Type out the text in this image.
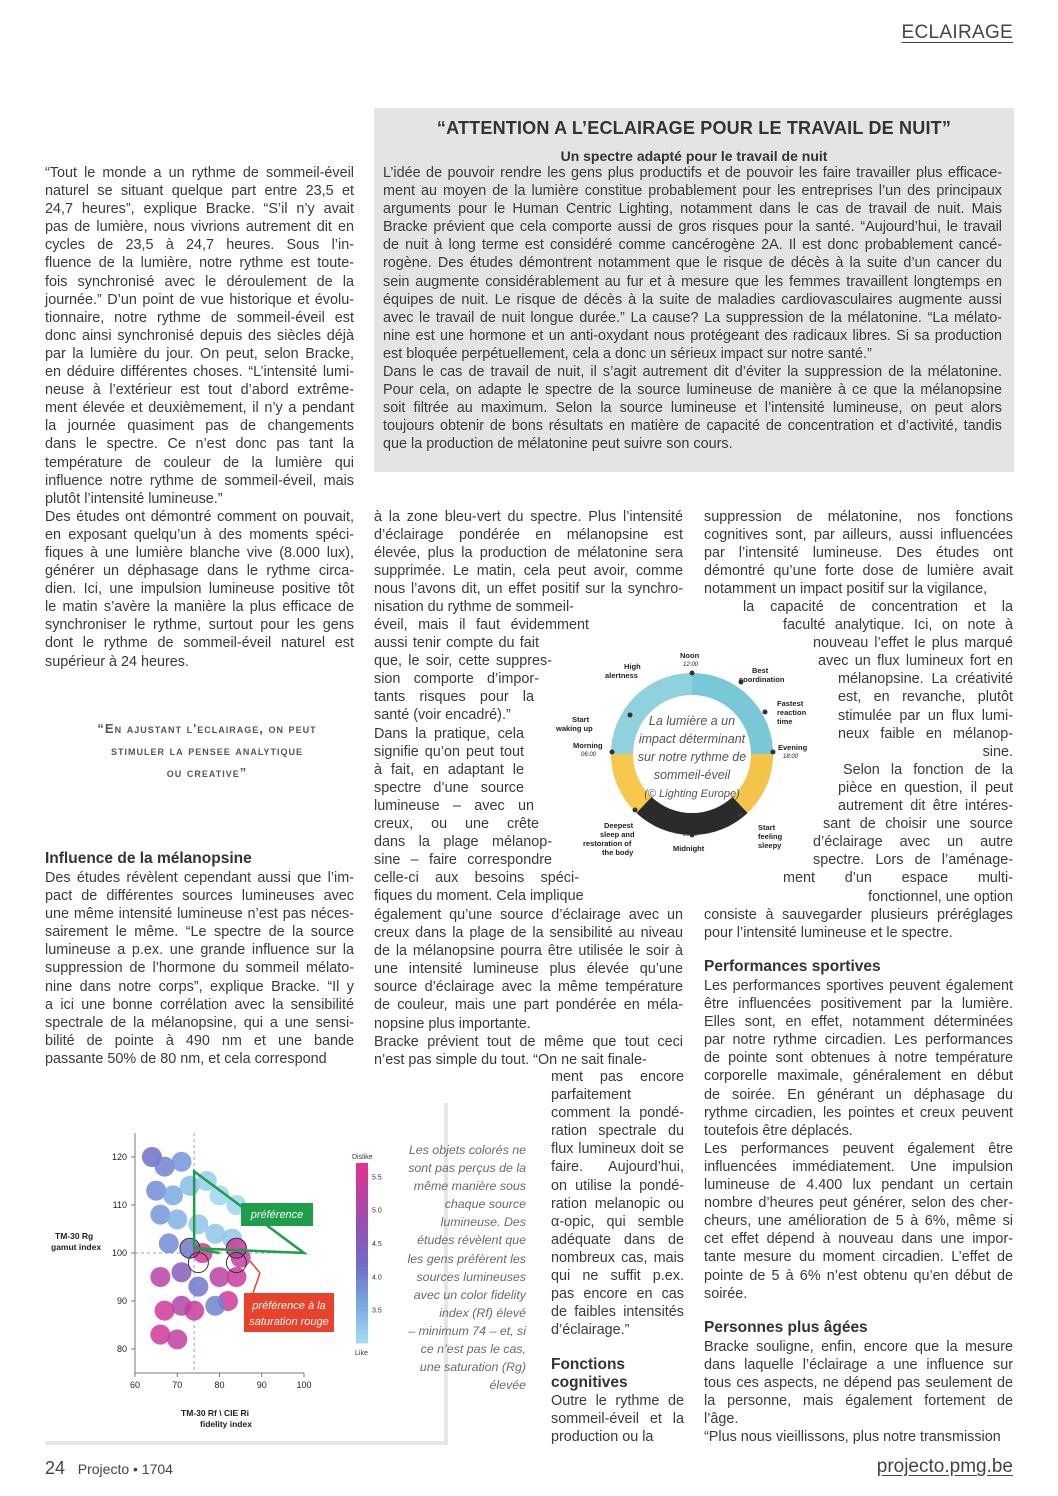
ECLAIRAGE
“ATTENTION A L’ECLAIRAGE POUR LE TRAVAIL DE NUIT”
Un spectre adapté pour le travail de nuit

L’idée de pouvoir rendre les gens plus productifs et de pouvoir les faire travailler plus efficace-

ment au moyen de la lumière constitue probablement pour les entreprises l’un des principaux

arguments pour le Human Centric Lighting, notamment dans le cas de travail de nuit. Mais

Bracke prévient que cela comporte aussi de gros risques pour la santé. “Aujourd’hui, le travail

de nuit à long terme est considéré comme cancérogène 2A. Il est donc probablement cancé-

rogène. Des études démontrent notamment que le risque de décès à la suite d’un cancer du

sein augmente considérablement au fur et à mesure que les femmes travaillent longtemps en

équipes de nuit. Le risque de décès à la suite de maladies cardiovasculaires augmente aussi

avec le travail de nuit longue durée.” La cause? La suppression de la mélatonine. “La mélato-

nine est une hormone et un anti-oxydant nous protégeant des radicaux libres. Si sa production

est bloquée perpétuellement, cela a donc un sérieux impact sur notre santé.”

Dans le cas de travail de nuit, il s’agit autrement dit d’éviter la suppression de la mélatonine.

Pour cela, on adapte le spectre de la source lumineuse de manière à ce que la mélanopsine

soit filtrée au maximum. Selon la source lumineuse et l’intensité lumineuse, on peut alors

toujours obtenir de bons résultats en matière de capacité de concentration et d’activité, tandis

que la production de mélatonine peut suivre son cours.

“Tout le monde a un rythme de sommeil-éveil

naturel se situant quelque part entre 23,5 et

24,7 heures”, explique Bracke. “S’il n’y avait

pas de lumière, nous vivrions autrement dit en

cycles de 23,5 à 24,7 heures. Sous l’in-

fluence de la lumière, notre rythme est toute-

fois synchronisé avec le déroulement de la

journée.” D’un point de vue historique et évolu-

tionnaire, notre rythme de sommeil-éveil est

donc ainsi synchronisé depuis des siècles déjà

par la lumière du jour. On peut, selon Bracke,

en déduire différentes choses. “L’intensité lumi-

neuse à l’extérieur est tout d’abord extrême-

ment élevée et deuxièmement, il n’y a pendant

la journée quasiment pas de changements

dans le spectre. Ce n’est donc pas tant la

température de couleur de la lumière qui

influence notre rythme de sommeil-éveil, mais

plutôt l’intensité lumineuse.”

Des études ont démontré comment on pouvait,

en exposant quelqu’un à des moments spéci-

fiques à une lumière blanche vive (8.000 lux),

générer un déphasage dans le rythme circa-

dien. Ici, une impulsion lumineuse positive tôt

le matin s’avère la manière la plus efficace de

synchroniser le rythme, surtout pour les gens

dont le rythme de sommeil-éveil naturel est

supérieur à 24 heures.

“En ajustant l'eclairage, on peut
stimuler la pensee analytique
ou creative”
Influence de la mélanopsine

Des études révèlent cependant aussi que l’im-

pact de différentes sources lumineuses avec

une même intensité lumineuse n’est pas néces-

sairement le même. “Le spectre de la source

lumineuse a p.ex. une grande influence sur la

suppression de l’hormone du sommeil mélato-

nine dans notre corps”, explique Bracke. “Il y

a ici une bonne corrélation avec la sensibilité

spectrale de la mélanopsine, qui a une sensi-

bilité de pointe à 490 nm et une bande

passante 50% de 80 nm, et cela correspond

à la zone bleu-vert du spectre. Plus l’intensité

d’éclairage pondérée en mélanopsine est

élevée, plus la production de mélatonine sera

supprimée. Le matin, cela peut avoir, comme

nous l’avons dit, un effet positif sur la synchro-

nisation du rythme de sommeil-

éveil, mais il faut évidemment

aussi tenir compte du fait

que, le soir, cette suppres-

sion comporte d’impor-

tants risques pour la

santé (voir encadré).”

Dans la pratique, cela

signifie qu’on peut tout

à fait, en adaptant le

spectre d’une source

lumineuse – avec un

creux, ou une crête

dans la plage mélanop-

sine – faire correspondre

celle-ci aux besoins spéci-

fiques du moment. Cela implique

également qu’une source d’éclairage avec un

creux dans la plage de la sensibilité au niveau

de la mélanopsine pourra être utilisée le soir à

une intensité lumineuse plus élevée qu’une

source d’éclairage avec la même température

de couleur, mais une part pondérée en méla-

nopsine plus importante.

Bracke prévient tout de même que tout ceci

n’est pas simple du tout. “On ne sait finale-

ment pas encore

parfaitement

comment la pondé-

ration spectrale du

flux lumineux doit se

faire. Aujourd’hui,

on utilise la pondé-

ration melanopic ou

α-opic, qui semble

adéquate dans de

nombreux cas, mais

qui ne suffit p.ex.

pas encore en cas

de faibles intensités

d’éclairage.”

Fonctions
cognitives

Outre le rythme de

sommeil-éveil et la

production ou la

suppression de mélatonine, nos fonctions

cognitives sont, par ailleurs, aussi influencées

par l’intensité lumineuse. Des études ont

démontré qu’une forte dose de lumière avait

notamment un impact positif sur la vigilance,

la capacité de concentration et la

faculté analytique. Ici, on note à

nouveau l’effet le plus marqué

avec un flux lumineux fort en

mélanopsine. La créativité

est, en revanche, plutôt

stimulée par un flux lumi-

neux faible en mélanop-

sine.

Selon la fonction de la

pièce en question, il peut

autrement dit être intéres-

sant de choisir une source

d’éclairage avec un autre

spectre. Lors de l’aménage-

ment d’un espace multi-

fonctionnel, une option

consiste à sauvegarder plusieurs préréglages

pour l’intensité lumineuse et le spectre.

Performances sportives

Les performances sportives peuvent également

être influencées positivement par la lumière.

Elles sont, en effet, notamment déterminées

par notre rythme circadien. Les performances

de pointe sont obtenues à notre température

corporelle maximale, généralement en début

de soirée. En générant un déphasage du

rythme circadien, les pointes et creux peuvent

toutefois être déplacés.

Les performances peuvent également être

influencées immédiatement. Une impulsion

lumineuse de 4.400 lux pendant un certain

nombre d’heures peut générer, selon des cher-

cheurs, une amélioration de 5 à 6%, même si

cet effet dépend à nouveau dans une impor-

tante mesure du moment circadien. L’effet de

pointe de 5 à 6% n’est obtenu qu’en début de

soirée.

Personnes plus âgées

Bracke souligne, enfin, encore que la mesure

dans laquelle l’éclairage a une influence sur

tous ces aspects, ne dépend pas seulement de

la personne, mais également fortement de

l’âge.

“Plus nous vieillissons, plus notre transmission

La lumière a un
impact déterminant
sur notre rythme de
sommeil-éveil
(© Lighting Europe)
Noon
12:00
High
alertness
Best
coordination
Fastest
reaction
time
Start
waking up
Morning
06:00
Evening
18:00
Deepest
sleep and
restoration of
the body
00:00
Midnight
Start
feeling
sleepy
60	70	80	90	100
80
90
100
110
120
5.5
5.0
4.5
4.0
3.5
TM-30 Rg
gamut index
TM-30 Rf \ CIE Ri
fidelity index
Dislike
Like
préférence
préférence à la
saturation rouge
Les objets colorés ne
sont pas perçus de la
même manière sous
chaque source
lumineuse. Des
études révèlent que
les gens préfèrent les
sources lumineuses
avec un color fidelity
index (Rf) élevé
– minimum 74 – et, si
ce n’est pas le cas,
une saturation (Rg)
élevée
24 Projecto • 1704	projecto.pmg.be
